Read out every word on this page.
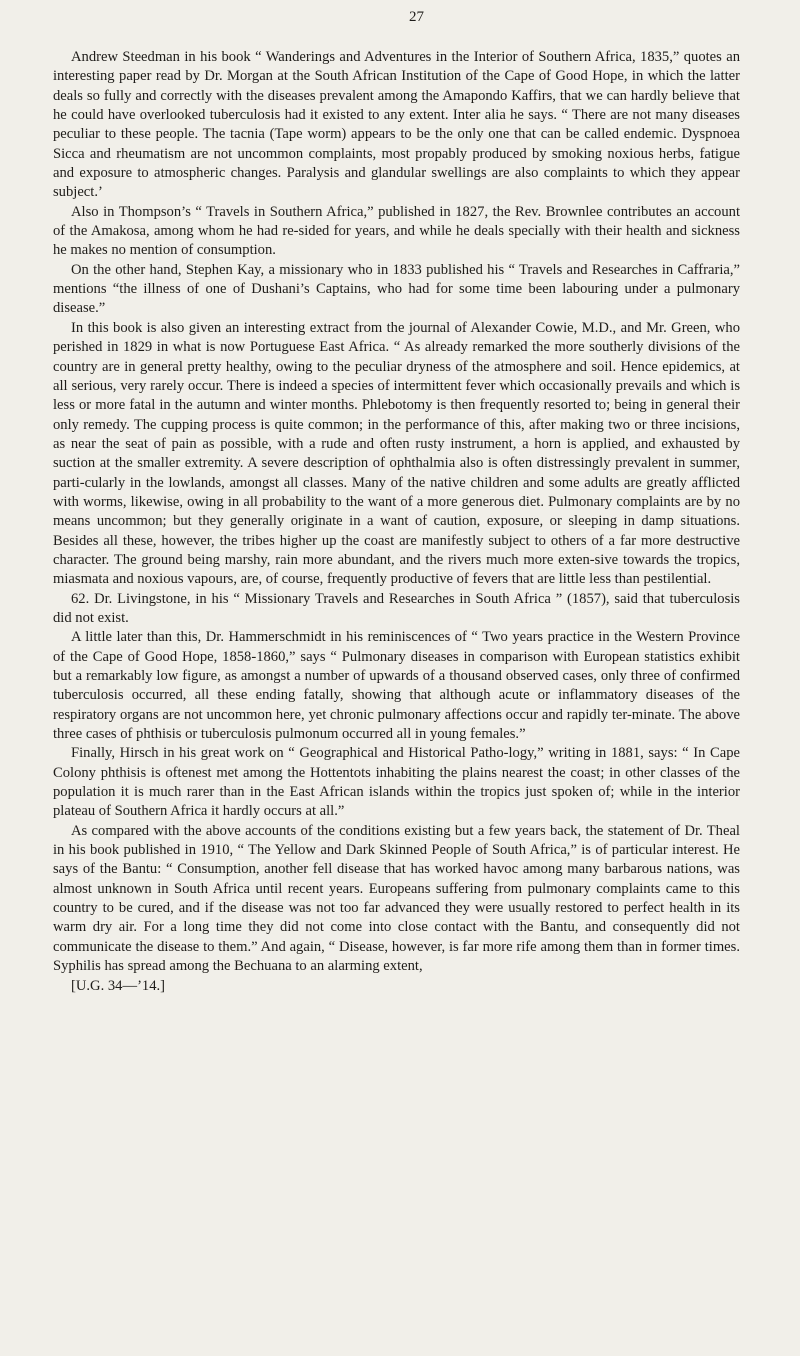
27

Andrew Steedman in his book “ Wanderings and Adventures in the Interior of Southern Africa, 1835,” quotes an interesting paper read by Dr. Morgan at the South African Institution of the Cape of Good Hope, in which the latter deals so fully and correctly with the diseases prevalent among the Amapondo Kaffirs, that we can hardly believe that he could have overlooked tuberculosis had it existed to any extent. Inter alia he says. “ There are not many diseases peculiar to these people. The tacnia (Tape worm) appears to be the only one that can be called endemic. Dyspnoea Sicca and rheumatism are not uncommon complaints, most propably produced by smoking noxious herbs, fatigue and exposure to atmospheric changes. Paralysis and glandular swellings are also complaints to which they appear subject.’

Also in Thompson’s “ Travels in Southern Africa,” published in 1827, the Rev. Brownlee contributes an account of the Amakosa, among whom he had re-sided for years, and while he deals specially with their health and sickness he makes no mention of consumption.

On the other hand, Stephen Kay, a missionary who in 1833 published his “ Travels and Researches in Caffraria,” mentions “the illness of one of Dushani’s Captains, who had for some time been labouring under a pulmonary disease.”

In this book is also given an interesting extract from the journal of Alexander Cowie, M.D., and Mr. Green, who perished in 1829 in what is now Portuguese East Africa. “ As already remarked the more southerly divisions of the country are in general pretty healthy, owing to the peculiar dryness of the atmosphere and soil. Hence epidemics, at all serious, very rarely occur. There is indeed a species of intermittent fever which occasionally prevails and which is less or more fatal in the autumn and winter months. Phlebotomy is then frequently resorted to; being in general their only remedy. The cupping process is quite common; in the performance of this, after making two or three incisions, as near the seat of pain as possible, with a rude and often rusty instrument, a horn is applied, and exhausted by suction at the smaller extremity. A severe description of ophthalmia also is often distressingly prevalent in summer, parti-cularly in the lowlands, amongst all classes. Many of the native children and some adults are greatly afflicted with worms, likewise, owing in all probability to the want of a more generous diet. Pulmonary complaints are by no means uncommon; but they generally originate in a want of caution, exposure, or sleeping in damp situations. Besides all these, however, the tribes higher up the coast are manifestly subject to others of a far more destructive character. The ground being marshy, rain more abundant, and the rivers much more exten-sive towards the tropics, miasmata and noxious vapours, are, of course, frequently productive of fevers that are little less than pestilential.

62. Dr. Livingstone, in his “ Missionary Travels and Researches in South Africa ” (1857), said that tuberculosis did not exist.

A little later than this, Dr. Hammerschmidt in his reminiscences of “ Two years practice in the Western Province of the Cape of Good Hope, 1858-1860,” says “ Pulmonary diseases in comparison with European statistics exhibit but a remarkably low figure, as amongst a number of upwards of a thousand observed cases, only three of confirmed tuberculosis occurred, all these ending fatally, showing that although acute or inflammatory diseases of the respiratory organs are not uncommon here, yet chronic pulmonary affections occur and rapidly ter-minate. The above three cases of phthisis or tuberculosis pulmonum occurred all in young females.”

Finally, Hirsch in his great work on “ Geographical and Historical Patho-logy,” writing in 1881, says: “ In Cape Colony phthisis is oftenest met among the Hottentots inhabiting the plains nearest the coast; in other classes of the population it is much rarer than in the East African islands within the tropics just spoken of; while in the interior plateau of Southern Africa it hardly occurs at all.”

As compared with the above accounts of the conditions existing but a few years back, the statement of Dr. Theal in his book published in 1910, “ The Yellow and Dark Skinned People of South Africa,” is of particular interest. He says of the Bantu: “ Consumption, another fell disease that has worked havoc among many barbarous nations, was almost unknown in South Africa until recent years. Europeans suffering from pulmonary complaints came to this country to be cured, and if the disease was not too far advanced they were usually restored to perfect health in its warm dry air. For a long time they did not come into close contact with the Bantu, and consequently did not communicate the disease to them.” And again, “ Disease, however, is far more rife among them than in former times. Syphilis has spread among the Bechuana to an alarming extent,

[U.G. 34—’14.]
